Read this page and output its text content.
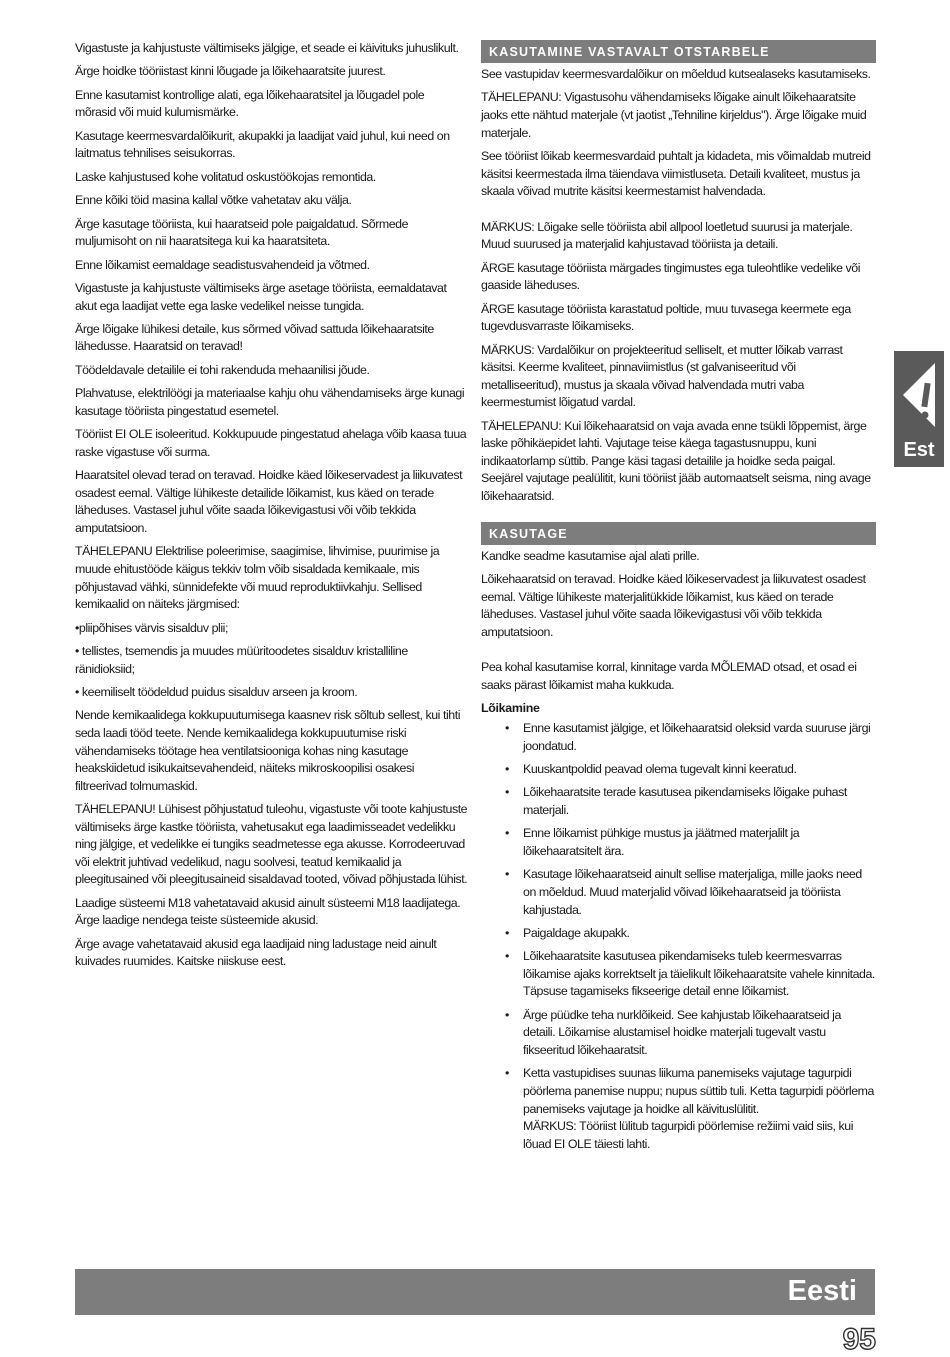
Vigastuste ja kahjustuste vältimiseks jälgige, et seade ei käivituks juhuslikult.

Ärge hoidke tööriistast kinni lõugade ja lõikehaaratsite juurest.

Enne kasutamist kontrollige alati, ega lõikehaaratsitel ja lõugadel pole mõrasid või muid kulumismärke.

Kasutage keermesvardalõikurit, akupakki ja laadijat vaid juhul, kui need on laitmatus tehnilises seisukorras.

Laske kahjustused kohe volitatud oskustöökojas remontida.

Enne kõiki töid masina kallal võtke vahetatav aku välja.

Ärge kasutage tööriista, kui haaratseid pole paigaldatud. Sõrmede muljumisoht on nii haaratsitega kui ka haaratsiteta.

Enne lõikamist eemaldage seadistusvahendeid ja võtmed.

Vigastuste ja kahjustuste vältimiseks ärge asetage tööriista, eemaldatavat akut ega laadijat vette ega laske vedelikel neisse tungida.

Ärge lõigake lühikesi detaile, kus sõrmed võivad sattuda lõikehaaratsite lähedusse. Haaratsid on teravad!

Töödeldavale detailile ei tohi rakenduda mehaanilisi jõude.

Plahvatuse, elektrilöögi ja materiaalse kahju ohu vähendamiseks ärge kunagi kasutage tööriista pingestatud esemetel.

Tööriist EI OLE isoleeritud. Kokkupuude pingestatud ahelaga võib kaasa tuua raske vigastuse või surma.

Haaratsitel olevad terad on teravad. Hoidke käed lõikeservadest ja liikuvatest osadest eemal. Vältige lühikeste detailide lõikamist, kus käed on terade läheduses. Vastasel juhul võite saada lõikevigastusi või võib tekkida amputatsioon.

TÄHELEPANU Elektrilise poleerimise, saagimise, lihvimise, puurimise ja muude ehitustööde käigus tekkiv tolm võib sisaldada kemikaale, mis põhjustavad vähki, sünnidefekte või muud reproduktiivkahju. Sellised kemikaalid on näiteks järgmised:

•pliipõhises värvis sisalduv plii;

• tellistes, tsemendis ja muudes müüritoodetes sisalduv kristalliline ränidioksiid;

• keemiliselt töödeldud puidus sisalduv arseen ja kroom.

Nende kemikaalidega kokkupuutumisega kaasnev risk sõltub sellest, kui tihti seda laadi tööd teete. Nende kemikaalidega kokkupuutumise riski vähendamiseks töötage hea ventilatsiooniga kohas ning kasutage heakskiidetud isikukaitsevahendeid, näiteks mikroskoopilisi osakesi filtreerivad tolmumaskid.

TÄHELEPANU! Lühisest põhjustatud tuleohu, vigastuste või toote kahjustuste vältimiseks ärge kastke tööriista, vahetusakut ega laadimisseadet vedelikku ning jälgige, et vedelikke ei tungiks seadmetesse ega akusse. Korrodeeruvad või elektrit juhtivad vedelikud, nagu soolvesi, teatud kemikaalid ja pleegitusained või pleegitusaineid sisaldavad tooted, võivad põhjustada lühist.

Laadige süsteemi M18 vahetatavaid akusid ainult süsteemi M18 laadijatega. Ärge laadige nendega teiste süsteemide akusid.

Ärge avage vahetatavaid akusid ega laadijaid ning ladustage neid ainult kuivades ruumides. Kaitske niiskuse eest.

KASUTAMINE VASTAVALT OTSTARBELE

See vastupidav keermesvardalõikur on mõeldud kutsealaseks kasutamiseks.

TÄHELEPANU: Vigastusohu vähendamiseks lõigake ainult lõikehaaratsite jaoks ette nähtud materjale (vt jaotist „Tehniline kirjeldus"). Ärge lõigake muid materjale.

See tööriist lõikab keermesvardaid puhtalt ja kidadeta, mis võimaldab mutreid käsitsi keermestada ilma täiendava viimistluseta. Detaili kvaliteet, mustus ja skaala võivad mutrite käsitsi keermestamist halvendada.

MÄRKUS: Lõigake selle tööriista abil allpool loetletud suurusi ja materjale. Muud suurused ja materjalid kahjustavad tööriista ja detaili.

ÄRGE kasutage tööriista märgades tingimustes ega tuleohtlike vedelike või gaaside läheduses.

ÄRGE kasutage tööriista karastatud poltide, muu tuvasega keermete ega tugevdusvarraste lõikamiseks.

MÄRKUS: Vardalõikur on projekteeritud selliselt, et mutter lõikab varrast käsitsi. Keerme kvaliteet, pinnaviimistlus (st galvaniseeritud või metalliseeritud), mustus ja skaala võivad halvendada mutri vaba keermestumist lõigatud vardal.

TÄHELEPANU: Kui lõikehaaratsid on vaja avada enne tsükli lõppemist, ärge laske põhikäepidet lahti. Vajutage teise käega tagastusnuppu, kuni indikaatorlamp süttib. Pange käsi tagasi detailile ja hoidke seda paigal. Seejärel vajutage pealülitit, kuni tööriist jääb automaatselt seisma, ning avage lõikehaaratsid.

KASUTAGE

Kandke seadme kasutamise ajal alati prille.

Lõikehaaratsid on teravad. Hoidke käed lõikeservadest ja liikuvatest osadest eemal. Vältige lühikeste materjalitükkide lõikamist, kus käed on terade läheduses. Vastasel juhul võite saada lõikevigastusi või võib tekkida amputatsioon.

Pea kohal kasutamise korral, kinnitage varda MÕLEMAD otsad, et osad ei saaks pärast lõikamist maha kukkuda.

Lõikamine
• Enne kasutamist jälgige, et lõikehaaratsid oleksid varda suuruse järgi joondatud.
• Kuuskantpoldid peavad olema tugevalt kinni keeratud.
• Lõikehaaratsite terade kasutusea pikendamiseks lõigake puhast materjali.
• Enne lõikamist pühkige mustus ja jäätmed materjalilt ja lõikehaaratsitelt ära.
• Kasutage lõikehaaratseid ainult sellise materjaliga, mille jaoks need on mõeldud. Muud materjalid võivad lõikehaaratseid ja tööriista kahjustada.
• Paigaldage akupakk.
• Lõikehaaratsite kasutusea pikendamiseks tuleb keermesvarras lõikamise ajaks korrektselt ja täielikult lõikehaaratsite vahele kinnitada. Täpsuse tagamiseks fikseerige detail enne lõikamist.
• Ärge püüdke teha nurklõikeid. See kahjustab lõikehaaratseid ja detaili. Lõikamise alustamisel hoidke materjali tugevalt vastu fikseeritud lõikehaaratsit.
• Ketta vastupidises suunas liikuma panemiseks vajutage tagurpidi pöörlema panemise nuppu; nupus süttib tuli. Ketta tagurpidi pöörlema panemiseks vajutage ja hoidke all käivituslülitit.
MÄRKUS: Tööriist lülitub tagurpidi pöörlemise režiimi vaid siis, kui lõuad EI OLE täiesti lahti.
Est
Eesti
95
